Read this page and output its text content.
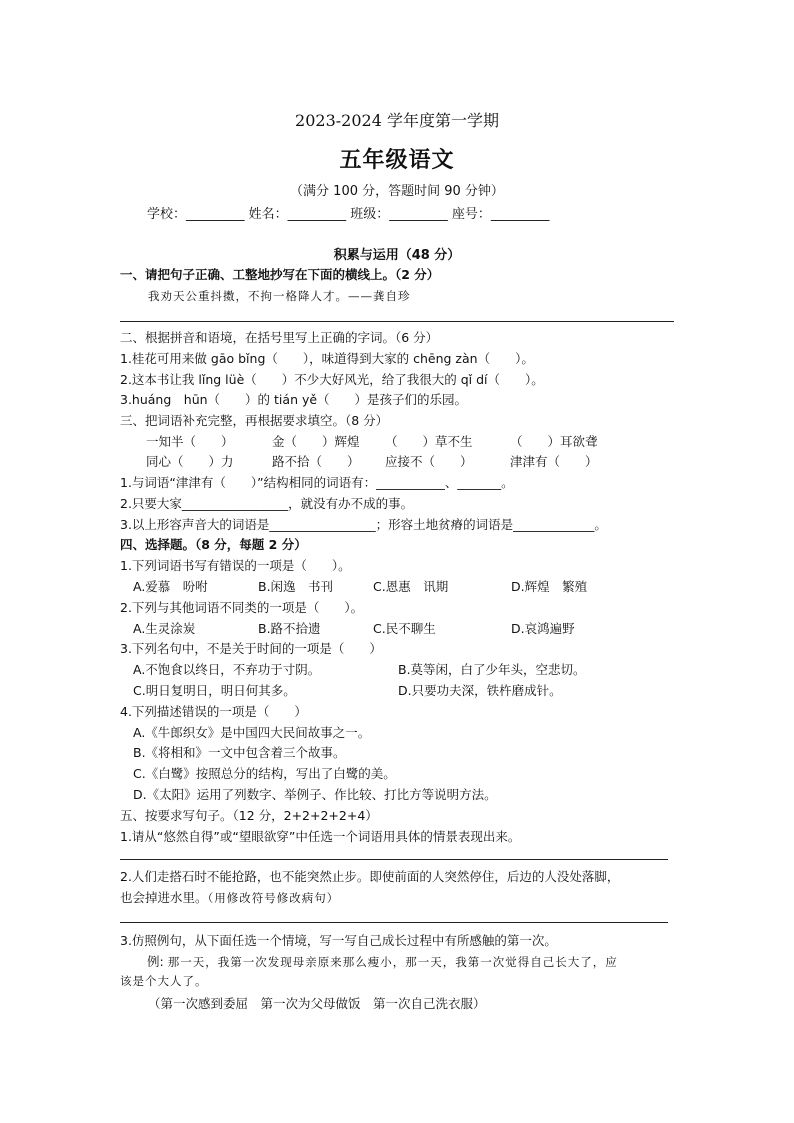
2023-2024 学年度第一学期
五年级语文
（满分 100 分，答题时间 90 分钟）
学校：_________ 姓名：_________ 班级：_________ 座号：_________
积累与运用（48 分）
一、请把句子正确、工整地抄写在下面的横线上。（2 分）
我劝天公重抖擞，不拘一格降人才。——龚自珍
二、根据拼音和语境，在括号里写上正确的字词。（6 分）
1.桂花可用来做 gāo bǐng（　　），味道得到大家的 chēng zàn（　　）。
2.这本书让我 lǐng lüè（　　）不少大好风光，给了我很大的 qǐ dí（　　）。
3.huáng　hūn（　　）的 tián yě（　　）是孩子们的乐园。
三、把词语补充完整，再根据要求填空。（8 分）
一知半（　　）	金（　　）辉煌 （　　）草不生	（　　）耳欲聋
同心（　　）力	路不拾（　　） 应接不（　　）	津津有（　　）
1.与词语“津津有（　　）”结构相同的词语有：___________、_______。
2.只要大家_________________，就没有办不成的事。
3.以上形容声音大的词语是_________________；形容土地贫瘠的词语是_____________。
四、选择题。（8 分，每题 2 分）
1.下列词语书写有错误的一项是（　　）。
A.爱慕　吩咐	B.闲逸　书刊	C.恩惠　讯期	D.辉煌　繁殖
2.下列与其他词语不同类的一项是（　　）。
A.生灵涂炭	B.路不拾遗	C.民不聊生	D.哀鸿遍野
3.下列名句中，不是关于时间的一项是（　　）
A.不饱食以终日，不弃功于寸阴。	B.莫等闲，白了少年头，空悲切。
C.明日复明日，明日何其多。	D.只要功夫深，铁杵磨成针。
4.下列描述错误的一项是（　　）
A.《牛郎织女》是中国四大民间故事之一。
B.《将相和》一文中包含着三个故事。
C.《白鹭》按照总分的结构，写出了白鹭的美。
D.《太阳》运用了列数字、举例子、作比较、打比方等说明方法。
五、按要求写句子。（12 分，2+2+2+2+4）
1.请从“悠然自得”或“望眼欲穿”中任选一个词语用具体的情景表现出来。
2.人们走搭石时不能抢路，也不能突然止步。即使前面的人突然停住，后边的人没处落脚，
也会掉进水里。（用修改符号修改病句）
3.仿照例句，从下面任选一个情境，写一写自己成长过程中有所感触的第一次。
例: 那一天，我第一次发现母亲原来那么瘦小，那一天，我第一次觉得自己长大了，应
该是个大人了。
（第一次感到委屈　第一次为父母做饭　第一次自己洗衣服）
